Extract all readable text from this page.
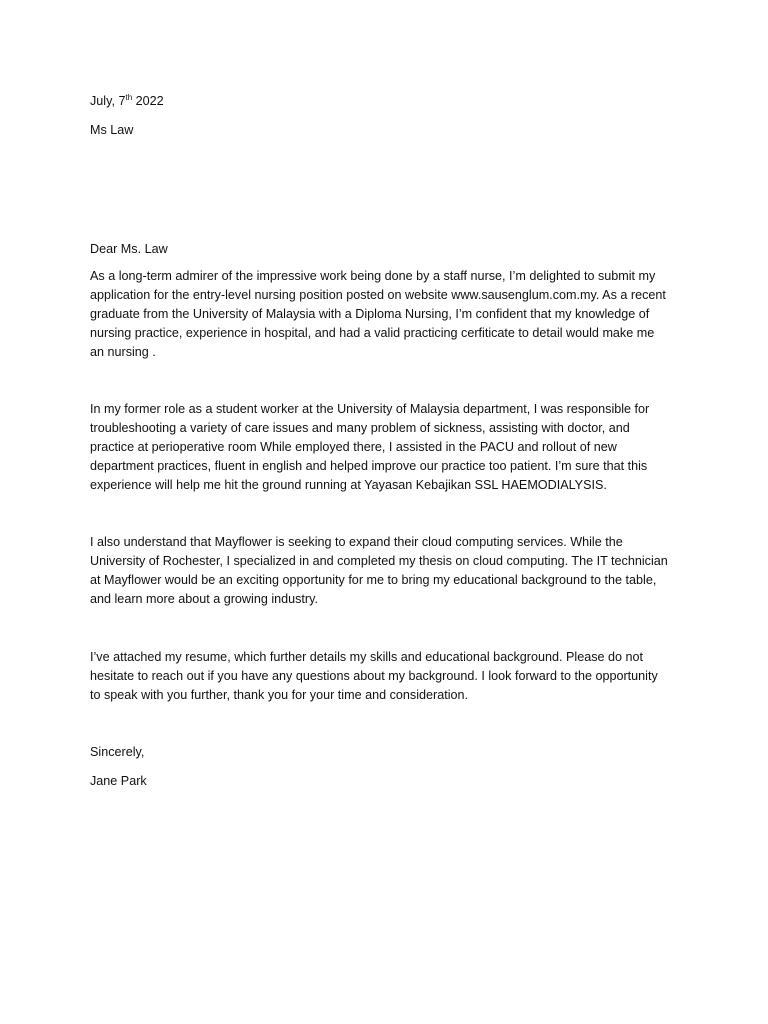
July, 7th 2022
Ms Law
Dear Ms. Law
As a long-term admirer of the impressive work being done by a staff nurse, I’m delighted to submit my
application for the entry-level nursing position posted on website www.sausenglum.com.my. As a recent
graduate from the University of Malaysia with a Diploma Nursing, I’m confident that my knowledge of
nursing practice, experience in hospital, and had a valid practicing cerfiticate to detail would make me
an nursing .
In my former role as a student worker at the University of Malaysia department, I was responsible for
troubleshooting a variety of care issues and many problem of sickness, assisting with doctor, and
practice at perioperative room While employed there, I assisted in the PACU and rollout of new
department practices, fluent in english and helped improve our practice too patient. I’m sure that this
experience will help me hit the ground running at Yayasan Kebajikan SSL HAEMODIALYSIS.
I also understand that Mayflower is seeking to expand their cloud computing services. While the
University of Rochester, I specialized in and completed my thesis on cloud computing. The IT technician
at Mayflower would be an exciting opportunity for me to bring my educational background to the table,
and learn more about a growing industry.
I’ve attached my resume, which further details my skills and educational background. Please do not
hesitate to reach out if you have any questions about my background. I look forward to the opportunity
to speak with you further, thank you for your time and consideration.
Sincerely,
Jane Park
